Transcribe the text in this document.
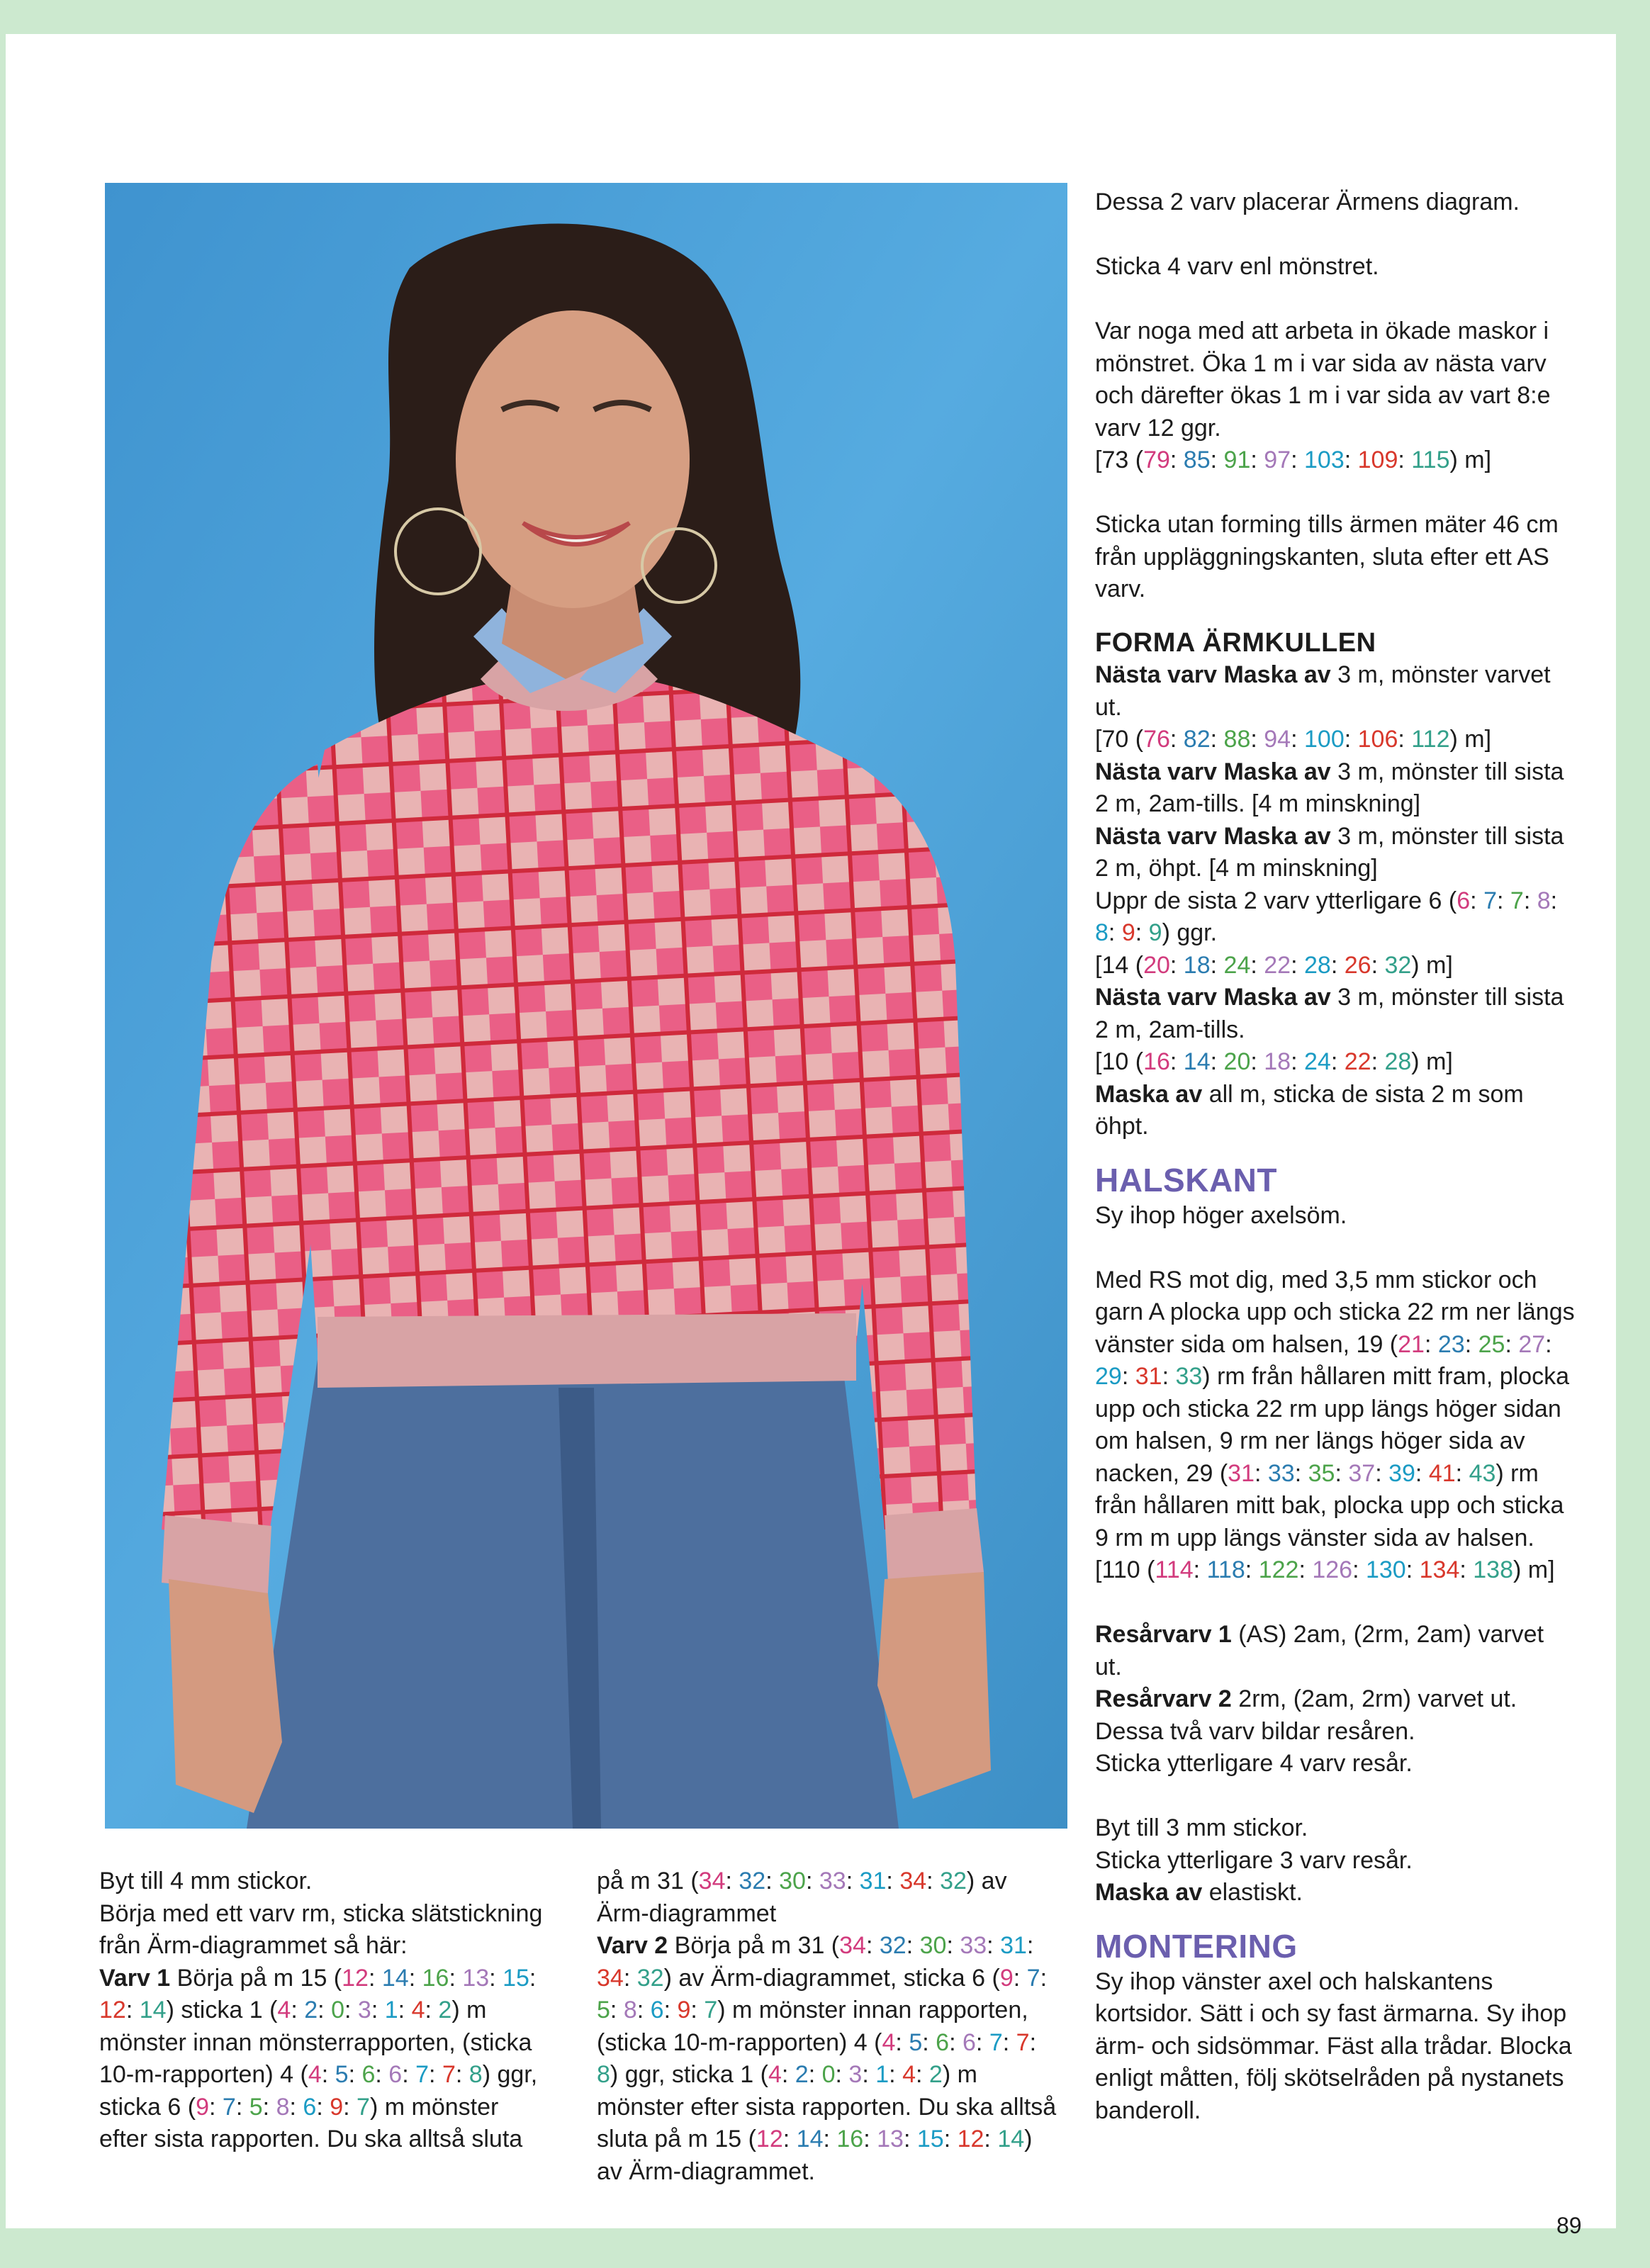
Dessa 2 varv placerar Ärmens diagram.

Sticka 4 varv enl mönstret.

Var noga med att arbeta in ökade maskor i mönstret. Öka 1 m i var sida av nästa varv och därefter ökas 1 m i var sida av vart 8:e varv 12 ggr.
[73 (79: 85: 91: 97: 103: 109: 115) m]

Sticka utan forming tills ärmen mäter 46 cm från uppläggningskanten, sluta efter ett AS varv.

FORMA ÄRMKULLEN

Nästa varv Maska av 3 m, mönster varvet ut.
[70 (76: 82: 88: 94: 100: 106: 112) m]

Nästa varv Maska av 3 m, mönster till sista 2 m, 2am-tills. [4 m minskning]

Nästa varv Maska av 3 m, mönster till sista 2 m, öhpt. [4 m minskning]

Uppr de sista 2 varv ytterligare 6 (6: 7: 7: 8: 8: 9: 9) ggr.
[14 (20: 18: 24: 22: 28: 26: 32) m]

Nästa varv Maska av 3 m, mönster till sista 2 m, 2am-tills.
[10 (16: 14: 20: 18: 24: 22: 28) m]

Maska av all m, sticka de sista 2 m som öhpt.

HALSKANT

Sy ihop höger axelsöm.

Med RS mot dig, med 3,5 mm stickor och garn A plocka upp och sticka 22 rm ner längs vänster sida om halsen, 19 (21: 23: 25: 27: 29: 31: 33) rm från hållaren mitt fram, plocka upp och sticka 22 rm upp längs höger sidan om halsen, 9 rm ner längs höger sida av nacken, 29 (31: 33: 35: 37: 39: 41: 43) rm från hållaren mitt bak, plocka upp och sticka 9 rm m upp längs vänster sida av halsen.
[110 (114: 118: 122: 126: 130: 134: 138) m]

Resårvarv 1 (AS) 2am, (2rm, 2am) varvet ut.

Resårvarv 2 2rm, (2am, 2rm) varvet ut.

Dessa två varv bildar resåren.

Sticka ytterligare 4 varv resår.

Byt till 3 mm stickor.

Sticka ytterligare 3 varv resår.

Maska av elastiskt.

MONTERING

Sy ihop vänster axel och halskantens kortsidor. Sätt i och sy fast ärmarna. Sy ihop ärm- och sidsömmar. Fäst alla trådar. Blocka enligt måtten, följ skötselråden på nystanets banderoll.

Byt till 4 mm stickor.

Börja med ett varv rm, sticka slätstickning från Ärm-diagrammet så här:

Varv 1 Börja på m 15 (12: 14: 16: 13: 15: 12: 14) sticka 1 (4: 2: 0: 3: 1: 4: 2) m mönster innan mönsterrapporten, (sticka 10-m-rapporten) 4 (4: 5: 6: 6: 7: 7: 8) ggr, sticka 6 (9: 7: 5: 8: 6: 9: 7) m mönster efter sista rapporten. Du ska alltså sluta

på m 31 (34: 32: 30: 33: 31: 34: 32) av Ärm-diagrammet

Varv 2 Börja på m 31 (34: 32: 30: 33: 31: 34: 32) av Ärm-diagrammet, sticka 6 (9: 7: 5: 8: 6: 9: 7) m mönster innan rapporten, (sticka 10-m-rapporten) 4 (4: 5: 6: 6: 7: 7: 8) ggr, sticka 1 (4: 2: 0: 3: 1: 4: 2) m mönster efter sista rapporten. Du ska alltså sluta på m 15 (12: 14: 16: 13: 15: 12: 14) av Ärm-diagrammet.

89
